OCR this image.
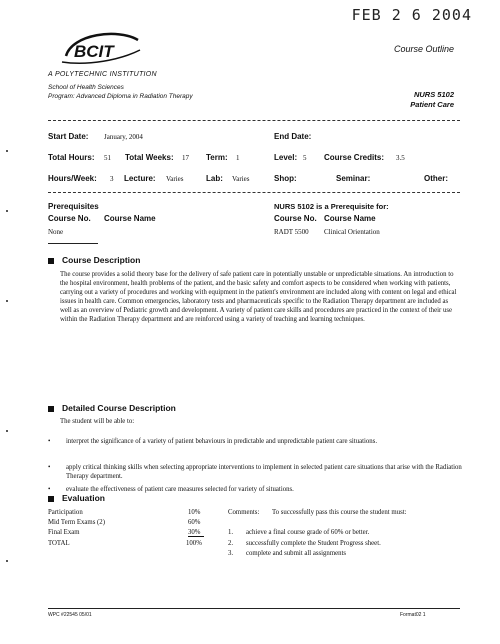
FEB 2 6 2004
BCIT
A POLYTECHNIC INSTITUTION
School of Health Sciences
Program: Advanced Diploma in Radiation Therapy
Course Outline
NURS 5102
Patient Care
Start Date: January, 2004	End Date:
Total Hours: 51 Total Weeks: 17 Term: 1	Level: 5 Course Credits: 3.5
Hours/Week: 3 Lecture: Varies	Lab: Varies	Shop:	Seminar:	Other:
Prerequisites
Course No. Course Name
None
NURS 5102 is a Prerequisite for:
Course No. Course Name
RADT 5500 Clinical Orientation
Course Description
The course provides a solid theory base for the delivery of safe patient care in potentially unstable or unpredictable situations. An introduction to the hospital environment, health problems of the patient, and the basic safety and comfort aspects to be considered when working with patients, carrying out a variety of procedures and working with equipment in the patient's environment are included along with content on legal and ethical issues in health care. Common emergencies, laboratory tests and pharmaceuticals specific to the Radiation Therapy department are included as well as an overview of Pediatric growth and development. A variety of patient care skills and procedures are practiced in the context of their use within the Radiation Therapy department and are reinforced using a variety of teaching and learning techniques.
Detailed Course Description
The student will be able to:
• interpret the significance of a variety of patient behaviours in predictable and unpredictable patient care situations.
• apply critical thinking skills when selecting appropriate interventions to implement in selected patient care situations that arise with the Radiation Therapy department.
• evaluate the effectiveness of patient care measures selected for variety of situations.
Evaluation
Participation	10%
Mid Term Exams (2)	60%
Final Exam	30%
TOTAL	100%
Comments: To successfully pass this course the student must:
1. achieve a final course grade of 60% or better.
2. successfully complete the Student Progress sheet.
3. complete and submit all assignments
WPC #22545 05/01	Format02 1
